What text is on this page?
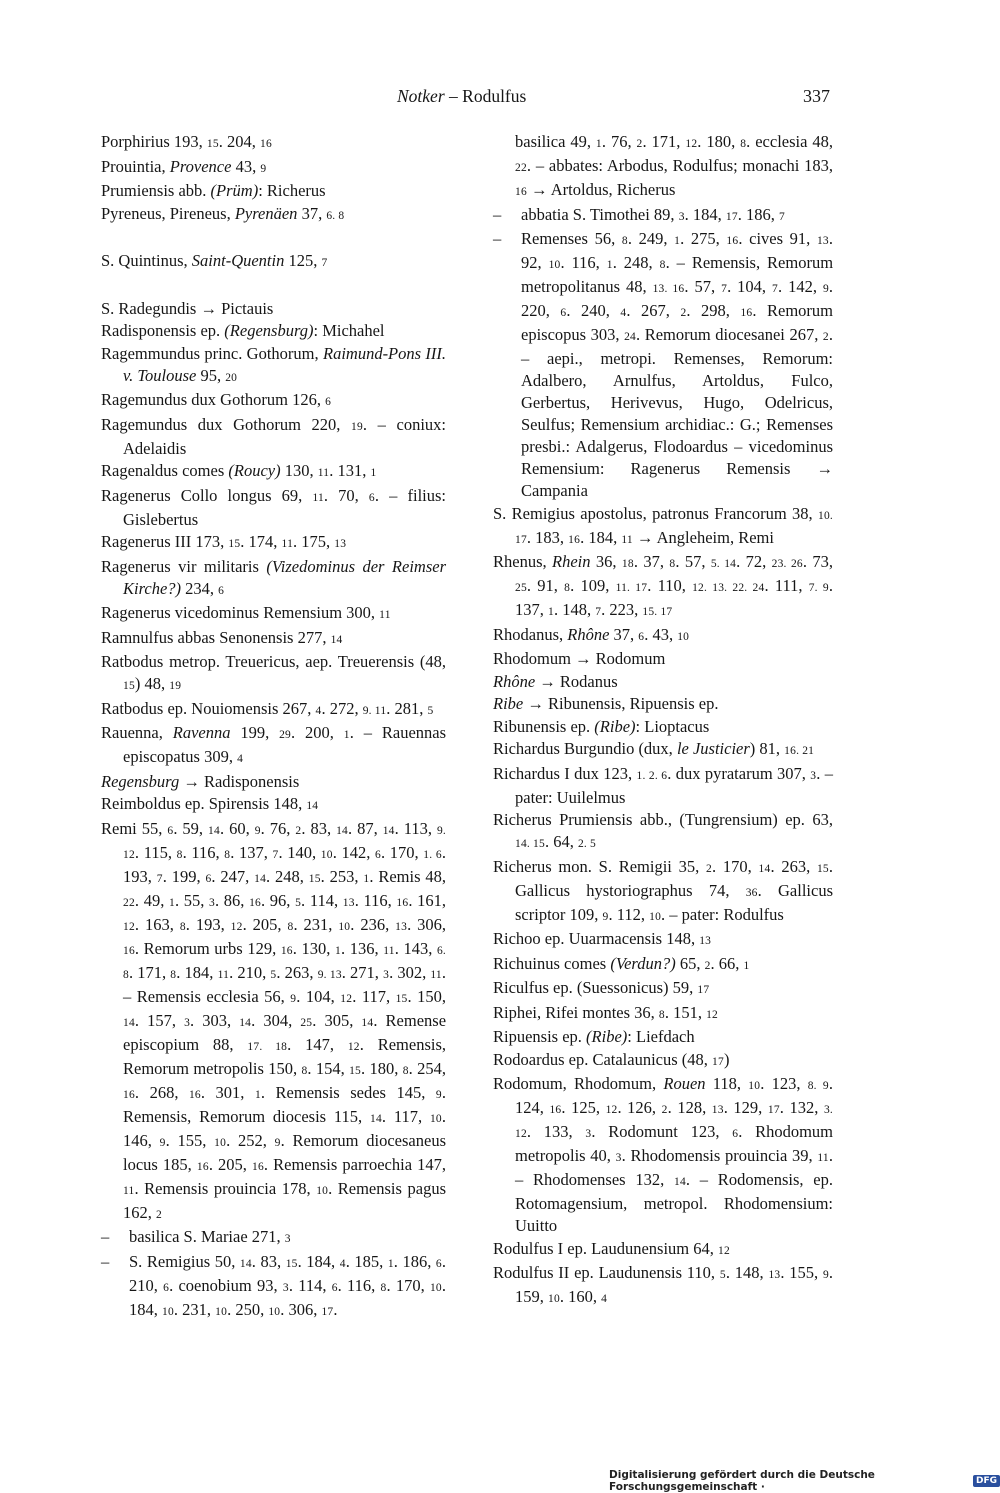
Notker – Rodulfus	337
Porphirius 193, 15. 204, 16
Prouintia, Provence 43, 9
Prumiensis abb. (Prüm): Richerus
Pyreneus, Pireneus, Pyrenäen 37, 6. 8
S. Quintinus, Saint-Quentin 125, 7
S. Radegundis → Pictauis
Radisponensis ep. (Regensburg): Michahel
Ragemmundus princ. Gothorum, Raimund-Pons III. v. Toulouse 95, 20
Ragemundus dux Gothorum 126, 6
Ragemundus dux Gothorum 220, 19. – coniux: Adelaidis
Ragenaldus comes (Roucy) 130, 11. 131, 1
Ragenerus Collo longus 69, 11. 70, 6. – filius: Gislebertus
Ragenerus III 173, 15. 174, 11. 175, 13
Ragenerus vir militaris (Vizedominus der Reimser Kirche?) 234, 6
Ragenerus vicedominus Remensium 300, 11
Ramnulfus abbas Senonensis 277, 14
Ratbodus metrop. Treuericus, aep. Treuerensis (48, 15) 48, 19
Ratbodus ep. Nouiomensis 267, 4. 272, 9. 11. 281, 5
Rauenna, Ravenna 199, 29. 200, 1. – Rauennas episcopatus 309, 4
Regensburg → Radisponensis
Reimboldus ep. Spirensis 148, 14
Remi 55, 6. 59, 14. 60, 9. 76, 2. 83, 14. 87, 14. 113, 9. 12. 115, 8. 116, 8. 137, 7. 140, 10. 142, 6. 170, 1. 6. 193, 7. 199, 6. 247, 14. 248, 15. 253, 1. Remis 48, 22. 49, 1. 55, 3. 86, 16. 96, 5. 114, 13. 116, 16. 161, 12. 163, 8. 193, 12. 205, 8. 231, 10. 236, 13. 306, 16. Remorum urbs 129, 16. 130, 1. 136, 11. 143, 6. 8. 171, 8. 184, 11. 210, 5. 263, 9. 13. 271, 3. 302, 11. – Remensis ecclesia 56, 9. 104, 12. 117, 15. 150, 14. 157, 3. 303, 14. 304, 25. 305, 14. Remense episcopium 88, 17. 18. 147, 12. Remensis, Remorum metropolis 150, 8. 154, 15. 180, 8. 254, 16. 268, 16. 301, 1. Remensis sedes 145, 9. Remensis, Remorum diocesis 115, 14. 117, 10. 146, 9. 155, 10. 252, 9. Remorum diocesaneus locus 185, 16. 205, 16. Remensis parroechia 147, 11. Remensis prouincia 178, 10. Remensis pagus 162, 2
– basilica S. Mariae 271, 3
– S. Remigius 50, 14. 83, 15. 184, 4. 185, 1. 186, 6. 210, 6. coenobium 93, 3. 114, 6. 116, 8. 170, 10. 184, 10. 231, 10. 250, 10. 306, 17.
basilica 49, 1. 76, 2. 171, 12. 180, 8. ecclesia 48, 22. – abbates: Arbodus, Rodulfus; monachi 183, 16 → Artoldus, Richerus
– abbatia S. Timothei 89, 3. 184, 17. 186, 7
– Remenses 56, 8. 249, 1. 275, 16. cives 91, 13. 92, 10. 116, 1. 248, 8. – Remensis, Remorum metropolitanus 48, 13. 16. 57, 7. 104, 7. 142, 9. 220, 6. 240, 4. 267, 2. 298, 16. Remorum episcopus 303, 24. Remorum diocesanei 267, 2. – aepi., metropi. Remenses, Remorum: Adalbero, Arnulfus, Artoldus, Fulco, Gerbertus, Herivevus, Hugo, Odelricus, Seulfus; Remensium archidiac.: G.; Remenses presbi.: Adalgerus, Flodoardus – vicedominus Remensium: Ragenerus Remensis → Campania
S. Remigius apostolus, patronus Francorum 38, 10. 17. 183, 16. 184, 11 → Angleheim, Remi
Rhenus, Rhein 36, 18. 37, 8. 57, 5. 14. 72, 23. 26. 73, 25. 91, 8. 109, 11. 17. 110, 12. 13. 22. 24. 111, 7. 9. 137, 1. 148, 7. 223, 15. 17
Rhodanus, Rhône 37, 6. 43, 10
Rhodomum → Rodomum
Rhône → Rodanus
Ribe → Ribunensis, Ripuensis ep.
Ribunensis ep. (Ribe): Lioptacus
Richardus Burgundio (dux, le Justicier) 81, 16. 21
Richardus I dux 123, 1. 2. 6. dux pyratarum 307, 3. – pater: Uuilelmus
Richerus Prumiensis abb., (Tungrensium) ep. 63, 14. 15. 64, 2. 5
Richerus mon. S. Remigii 35, 2. 170, 14. 263, 15. Gallicus hystoriographus 74, 36. Gallicus scriptor 109, 9. 112, 10. – pater: Rodulfus
Richoo ep. Uuarmacensis 148, 13
Richuinus comes (Verdun?) 65, 2. 66, 1
Riculfus ep. (Suessonicus) 59, 17
Riphei, Rifei montes 36, 8. 151, 12
Ripuensis ep. (Ribe): Liefdach
Rodoardus ep. Catalaunicus (48, 17)
Rodomum, Rhodomum, Rouen 118, 10. 123, 8. 9. 124, 16. 125, 12. 126, 2. 128, 13. 129, 17. 132, 3. 12. 133, 3. Rodomunt 123, 6. Rhodomum metropolis 40, 3. Rhodomensis prouincia 39, 11. – Rhodomenses 132, 14. – Rodomensis, ep. Rotomagensium, metropol. Rhodomensium: Uuitto
Rodulfus I ep. Laudunensium 64, 12
Rodulfus II ep. Laudunensis 110, 5. 148, 13. 155, 9. 159, 10. 160, 4
Digitalisierung gefördert durch die Deutsche Forschungsgemeinschaft ·	DFG
